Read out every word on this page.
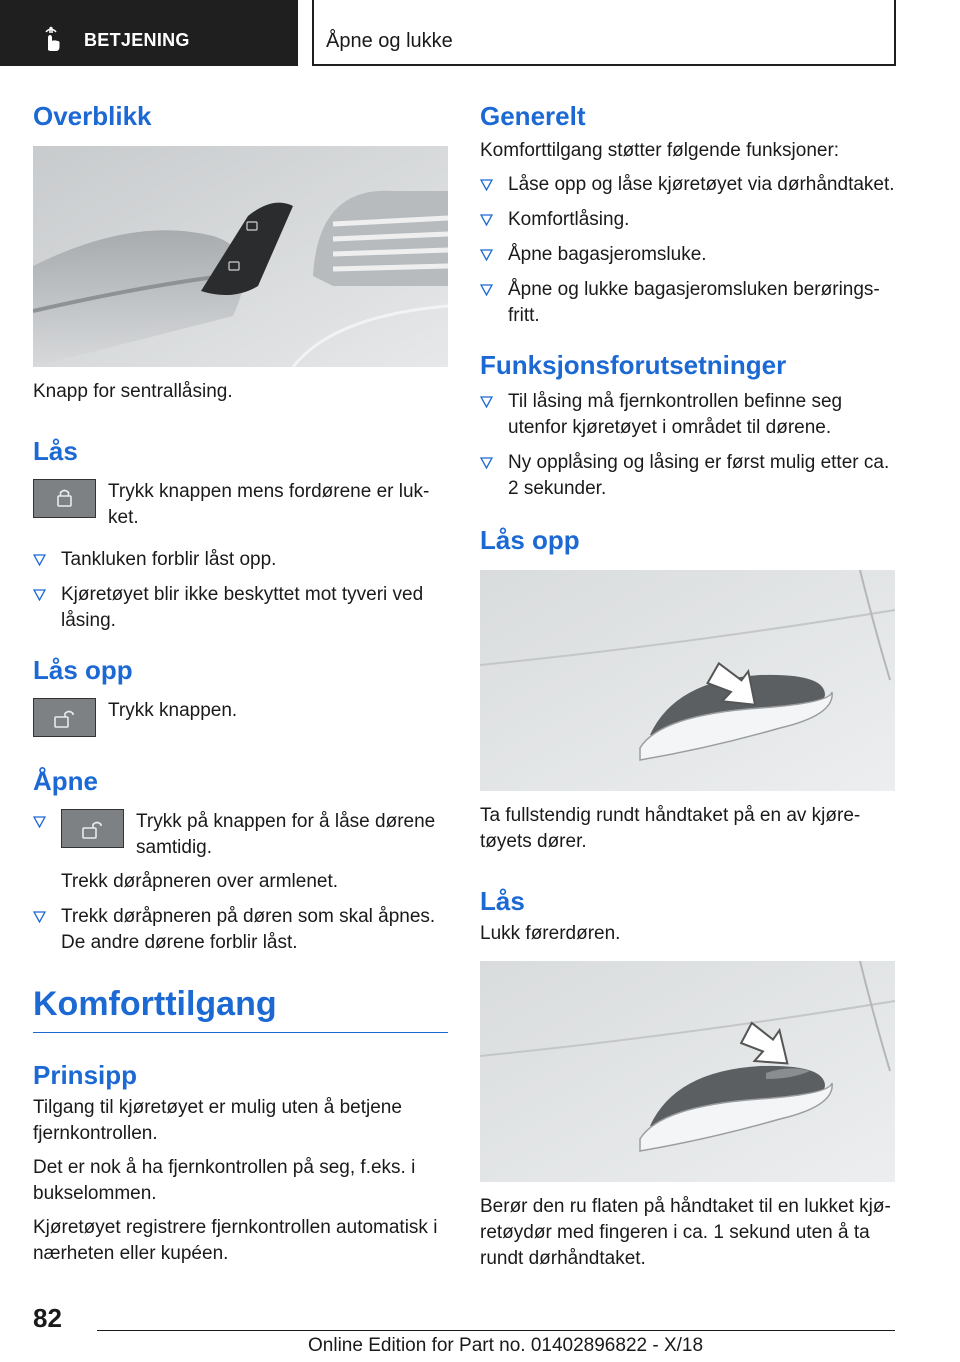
BETJENING	Åpne og lukke
Overblikk

Knapp for sentrallåsing.

Lås

Trykk knappen mens fordørene er luk-ket.

Tankluken forblir låst opp.
Kjøretøyet blir ikke beskyttet mot tyveri ved låsing.
Lås opp

Trykk knappen.

Åpne
Trykk på knappen for å låse dørene samtidig.

Trekk døråpneren over armlenet.

Trekk døråpneren på døren som skal åpnes. De andre dørene forblir låst.
Komforttilgang
Prinsipp

Tilgang til kjøretøyet er mulig uten å betjene fjernkontrollen.

Det er nok å ha fjernkontrollen på seg, f.eks. i bukselommen.

Kjøretøyet registrere fjernkontrollen automatisk i nærheten eller kupéen.

Generelt

Komforttilgang støtter følgende funksjoner:

Låse opp og låse kjøretøyet via dørhåndtaket.
Komfortlåsing.
Åpne bagasjeromsluke.
Åpne og lukke bagasjeromsluken berørings-fritt.
Funksjonsforutsetninger
Til låsing må fjernkontrollen befinne seg utenfor kjøretøyet i området til dørene.
Ny opplåsing og låsing er først mulig etter ca. 2 sekunder.
Lås opp

Ta fullstendig rundt håndtaket på en av kjøre-tøyets dører.

Lås

Lukk førerdøren.

Berør den ru flaten på håndtaket til en lukket kjø-retøydør med fingeren i ca. 1 sekund uten å ta rundt dørhåndtaket.

82
Online Edition for Part no. 01402896822 - X/18
